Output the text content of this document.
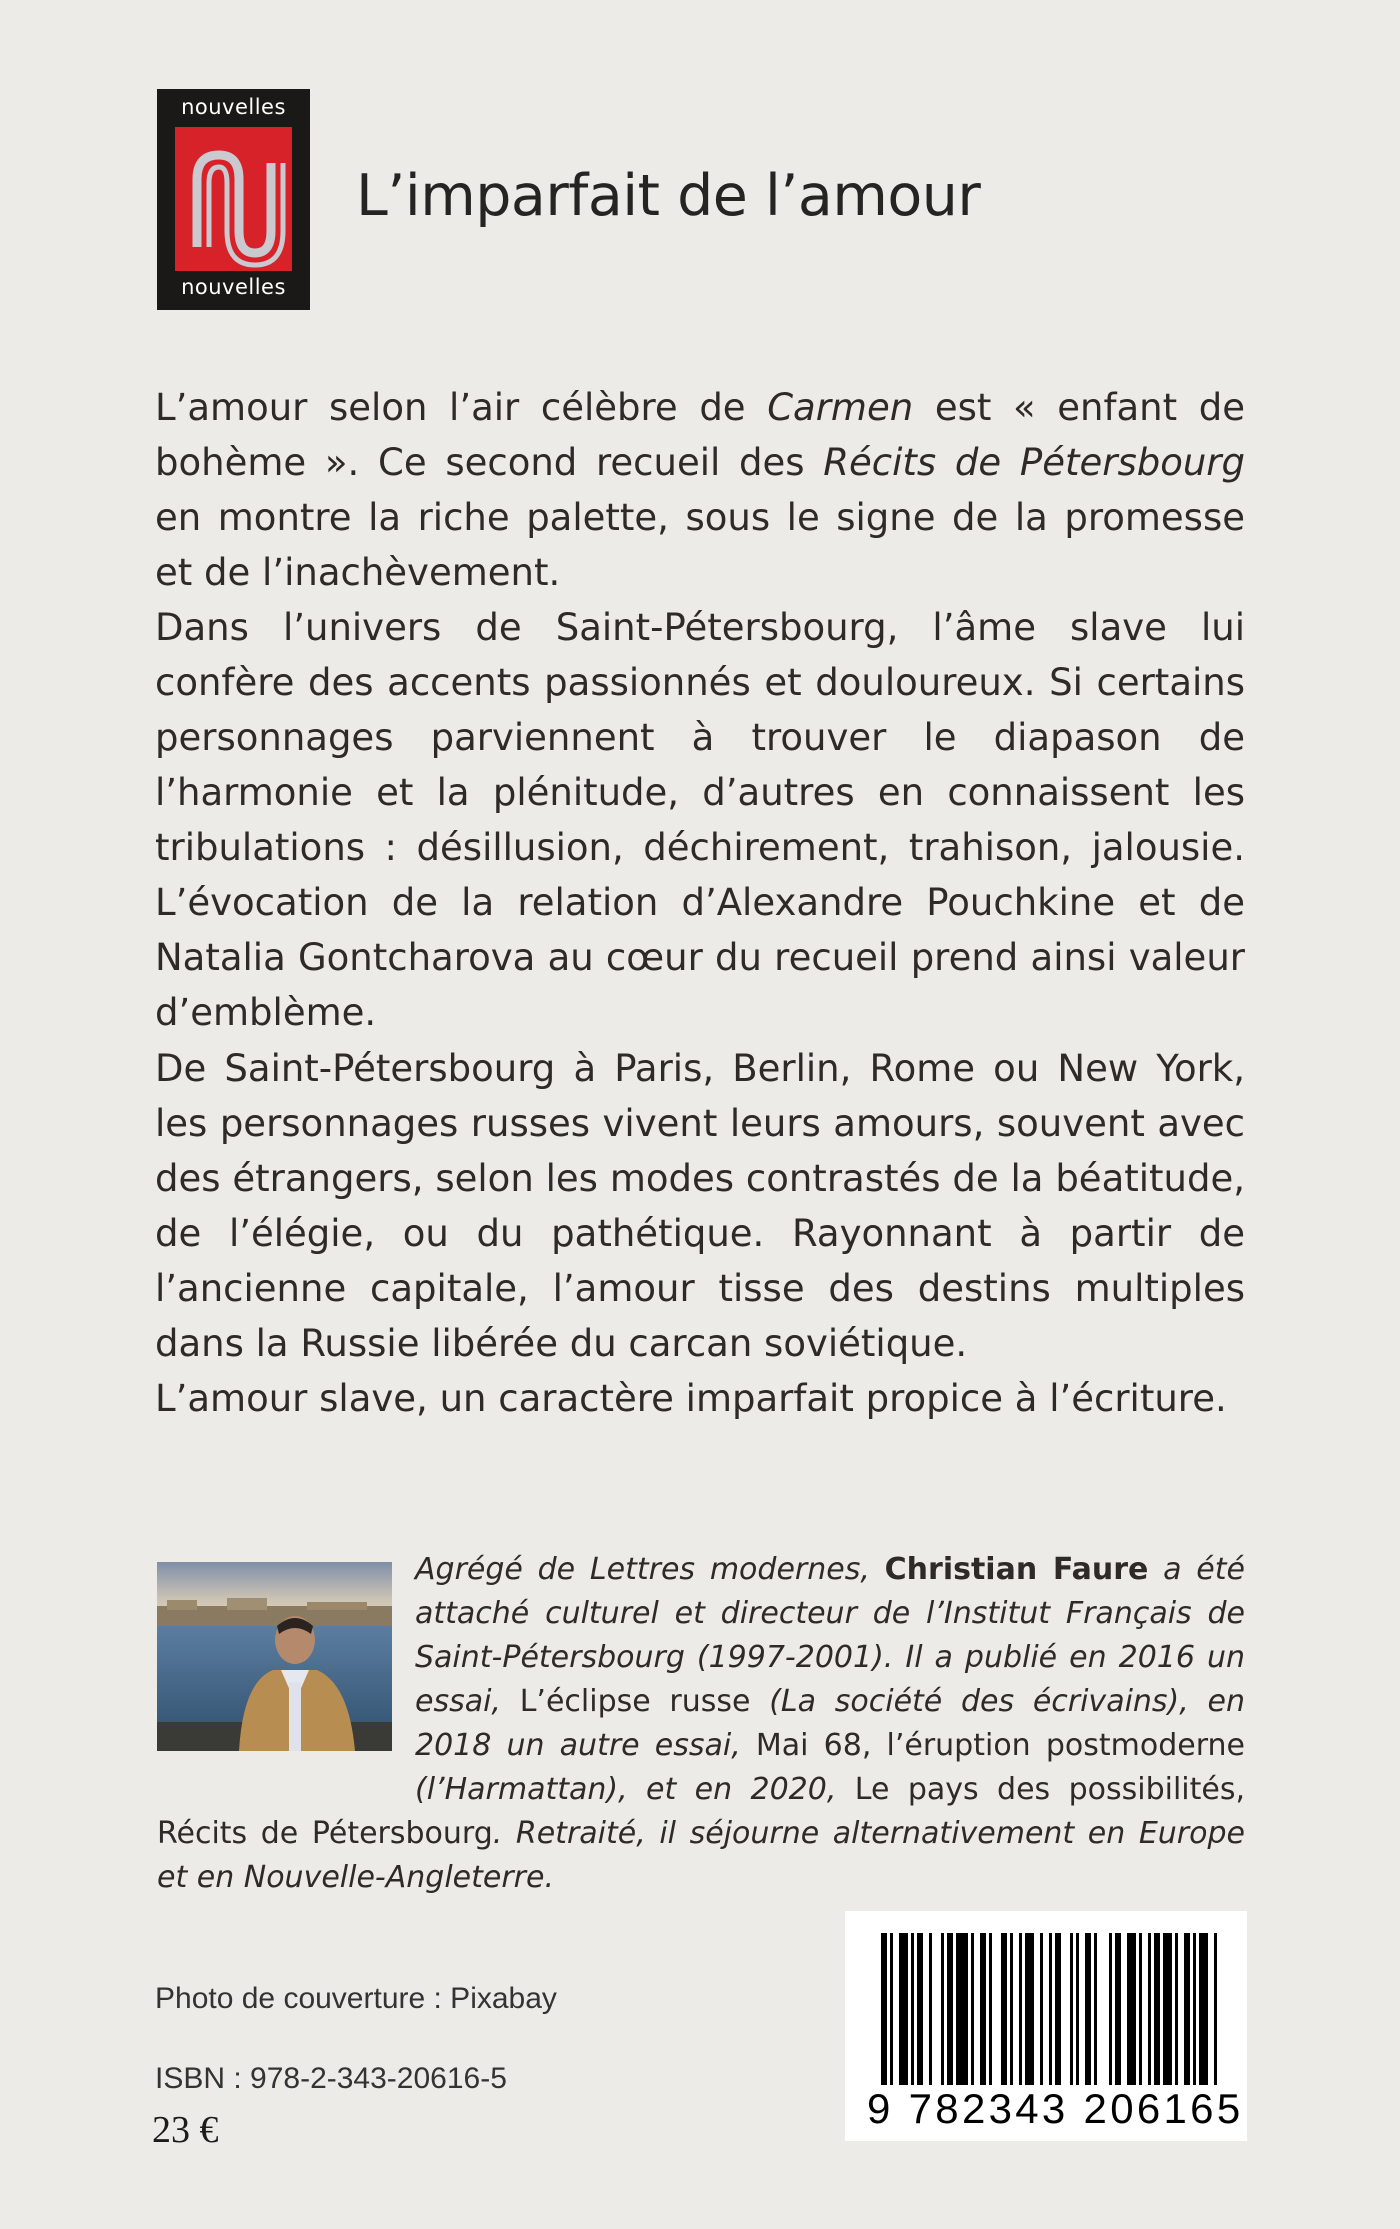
nouvelles
nouvelles
L’imparfait de l’amour

L’amour selon l’air célèbre de Carmen est « enfant de bohème ». Ce second recueil des Récits de Pétersbourg en montre la riche palette, sous le signe de la promesse et de l’inachèvement.

Dans l’univers de Saint-Pétersbourg, l’âme slave lui confère des accents passionnés et douloureux. Si certains personnages parviennent à trouver le diapason de l’harmonie et la plénitude, d’autres en connaissent les tribulations : désillusion, déchirement, trahison, jalousie. L’évocation de la relation d’Alexandre Pouchkine et de Natalia Gontcharova au cœur du recueil prend ainsi valeur d’emblème.

De Saint-Pétersbourg à Paris, Berlin, Rome ou New York, les personnages russes vivent leurs amours, souvent avec des étrangers, selon les modes contrastés de la béatitude, de l’élégie, ou du pathétique. Rayonnant à partir de l’ancienne capitale, l’amour tisse des destins multiples dans la Russie libérée du carcan soviétique.

L’amour slave, un caractère imparfait propice à l’écriture.

Agrégé de Lettres modernes, Christian Faure a été attaché culturel et directeur de l’Institut Français de Saint-Pétersbourg (1997-2001). Il a publié en 2016 un essai, L’éclipse russe (La société des écrivains), en 2018 un autre essai, Mai 68, l’éruption postmoderne (l’Harmattan), et en 2020, Le pays des possibilités, Récits de Pétersbourg. Retraité, il séjourne alternativement en Europe et en Nouvelle-Angleterre.

Photo de couverture : Pixabay

ISBN : 978-2-343-20616-5

23 €	9 782343 206165
